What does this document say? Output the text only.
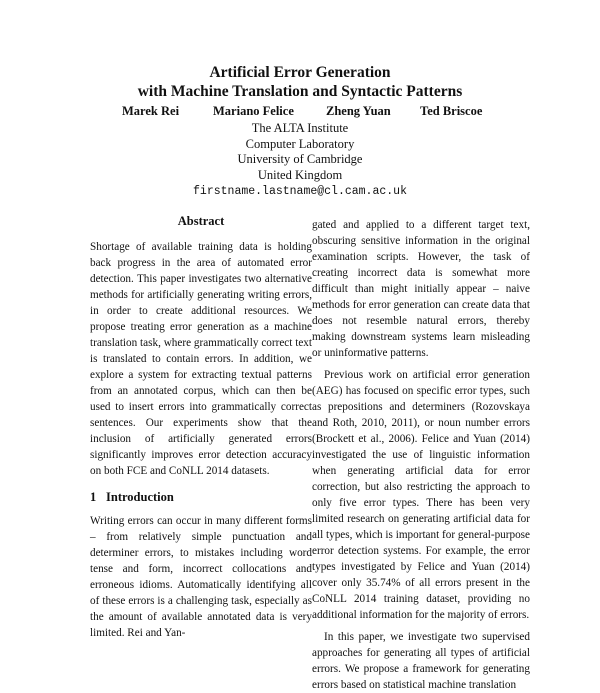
Artificial Error Generation
with Machine Translation and Syntactic Patterns
Marek Rei	Mariano Felice	Zheng Yuan Ted Briscoe
The ALTA Institute
Computer Laboratory
University of Cambridge
United Kingdom
firstname.lastname@cl.cam.ac.uk
Abstract

Shortage of available training data is holding back progress in the area of automated error detection. This paper investigates two alternative methods for artificially generating writing errors, in order to create additional resources. We propose treating error generation as a machine translation task, where grammatically correct text is translated to contain errors. In addition, we explore a system for extracting textual patterns from an annotated corpus, which can then be used to insert errors into grammatically correct sentences. Our experiments show that the inclusion of artificially generated errors significantly improves error detection accuracy on both FCE and CoNLL 2014 datasets.

1 Introduction

Writing errors can occur in many different forms – from relatively simple punctuation and determiner errors, to mistakes including word tense and form, incorrect collocations and erroneous idioms. Automatically identifying all of these errors is a challenging task, especially as the amount of available annotated data is very limited. Rei and Yan-

gated and applied to a different target text, obscuring sensitive information in the original examination scripts. However, the task of creating incorrect data is somewhat more difficult than might initially appear – naive methods for error generation can create data that does not resemble natural errors, thereby making downstream systems learn misleading or uninformative patterns.

Previous work on artificial error generation (AEG) has focused on specific error types, such as prepositions and determiners (Rozovskaya and Roth, 2010, 2011), or noun number errors (Brockett et al., 2006). Felice and Yuan (2014) investigated the use of linguistic information when generating artificial data for error correction, but also restricting the approach to only five error types. There has been very limited research on generating artificial data for all types, which is important for general-purpose error detection systems. For example, the error types investigated by Felice and Yuan (2014) cover only 35.74% of all errors present in the CoNLL 2014 training dataset, providing no additional information for the majority of errors.

In this paper, we investigate two supervised approaches for generating all types of artificial errors. We propose a framework for generating errors based on statistical machine translation
